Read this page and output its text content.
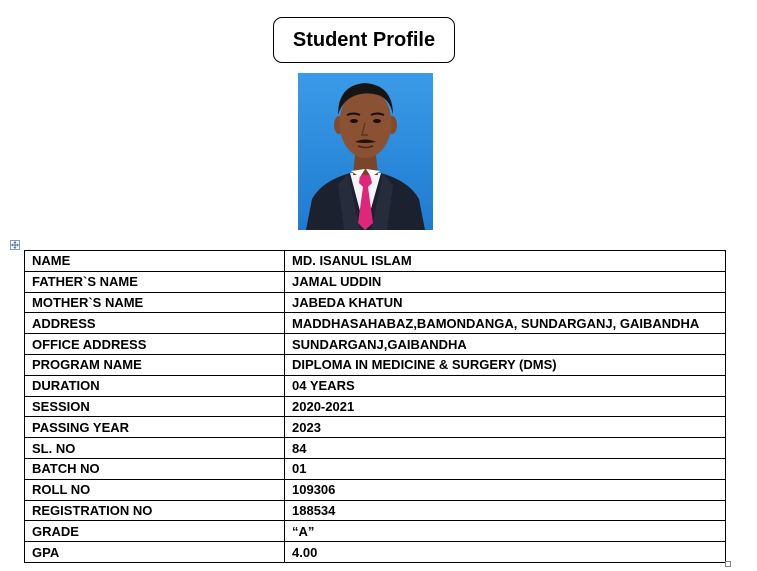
Student Profile
NAME	MD. ISANUL ISLAM
FATHER`S NAME	JAMAL UDDIN
MOTHER`S NAME	JABEDA KHATUN
ADDRESS	MADDHASAHABAZ,BAMONDANGA, SUNDARGANJ, GAIBANDHA
OFFICE ADDRESS	SUNDARGANJ,GAIBANDHA
PROGRAM NAME	DIPLOMA IN MEDICINE & SURGERY (DMS)
DURATION	04 YEARS
SESSION	2020-2021
PASSING YEAR	2023
SL. NO	84
BATCH NO	01
ROLL NO	109306
REGISTRATION NO	188534
GRADE	“A”
GPA	4.00
